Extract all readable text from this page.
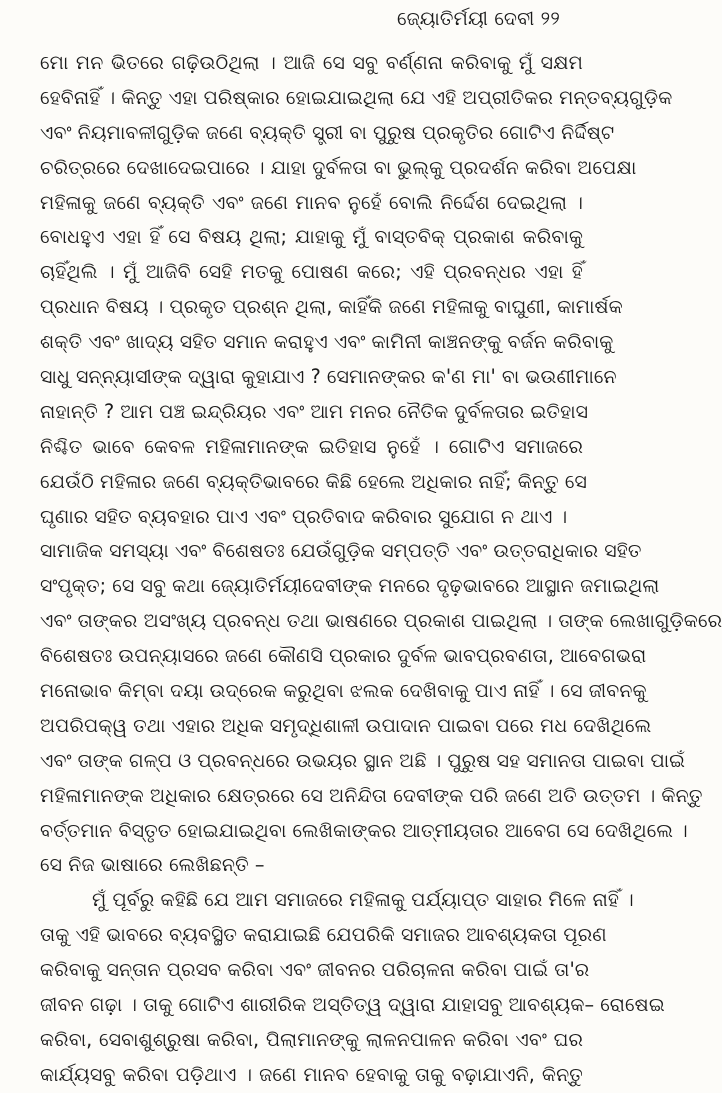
ଜ୍ୟୋତିର୍ମୟୀ ଦେବୀ ୨୨
ମୋ ମନ ଭିତରେ ଗଢ଼ିଉଠିଥିଲା । ଆଜି ସେ ସବୁ ବର୍ଣ୍ଣନା କରିବାକୁ ମୁଁ ସକ୍ଷମ
ହେବିନାହିଁ । କିନ୍ତୁ ଏହା ପରିଷ୍କାର ହୋଇଯାଇଥିଲା ଯେ ଏହି ଅପ୍ରୀତିକର ମନ୍ତବ୍ୟଗୁଡ଼ିକ
ଏବଂ ନିୟମାବଳୀଗୁଡ଼ିକ ଜଣେ ବ୍ୟକ୍ତି ସ୍ତ୍ରୀ ବା ପୁରୁଷ ପ୍ରକୃତିର ଗୋଟିଏ ନିର୍ଦ୍ଦିଷ୍ଟ
ଚରିତ୍ରରେ ଦେଖାଦେଇପାରେ । ଯାହା ଦୁର୍ବଳତା ବା ଭୁଲ୍‌କୁ ପ୍ରଦର୍ଶନ କରିବା ଅପେକ୍ଷା
ମହିଳାକୁ ଜଣେ ବ୍ୟକ୍ତି ଏବଂ ଜଣେ ମାନବ ନୁହେଁ ବୋଲି ନିର୍ଦ୍ଦେଶ ଦେଇଥିଲା ।
ବୋଧହୁଏ ଏହା ହିଁ ସେ ବିଷୟ ଥିଲା; ଯାହାକୁ ମୁଁ ବାସ୍ତବିକ୍ ପ୍ରକାଶ କରିବାକୁ
ଚାହିଁଥିଲି । ମୁଁ ଆଜିବି ସେହି ମତକୁ ପୋଷଣ କରେ; ଏହି ପ୍ରବନ୍ଧର ଏହା ହିଁ
ପ୍ରଧାନ ବିଷୟ । ପ୍ରକୃତ ପ୍ରଶ୍ନ ଥିଲା, କାହିଁକି ଜଣେ ମହିଳାକୁ ବାଘୁଣୀ, କାମାର୍ଷକ
ଶକ୍ତି ଏବଂ ଖାଦ୍ୟ ସହିତ ସମାନ କରାହୁଏ ଏବଂ କାମିନୀ କାଞ୍ଚନଙ୍କୁ ବର୍ଜନ କରିବାକୁ
ସାଧୁ ସନ୍ନ୍ୟାସୀଙ୍କ ଦ୍ୱାରା କୁହାଯାଏ ? ସେମାନଙ୍କର କ'ଣ ମା' ବା ଭଉଣୀମାନେ
ନାହାନ୍ତି ? ଆମ ପଞ୍ଚ ଇନ୍ଦ୍ରିୟର ଏବଂ ଆମ ମନର ନୈତିକ ଦୁର୍ବଳତାର ଇତିହାସ
ନିଶ୍ଚିତ ଭାବେ କେବଳ ମହିଳାମାନଙ୍କ ଇତିହାସ ନୁହେଁ । ଗୋଟିଏ ସମାଜରେ
ଯେଉଁଠି ମହିଳାର ଜଣେ ବ୍ୟକ୍ତିଭାବରେ କିଛି ହେଲେ ଅଧିକାର ନାହିଁ; କିନ୍ତୁ ସେ
ଘୃଣାର ସହିତ ବ୍ୟବହାର ପାଏ ଏବଂ ପ୍ରତିବାଦ କରିବାର ସୁଯୋଗ ନ ଥାଏ ।
ସାମାଜିକ ସମସ୍ୟା ଏବଂ ବିଶେଷତଃ ଯେଉଁଗୁଡ଼ିକ ସମ୍ପତ୍ତି ଏବଂ ଉତ୍ତରାଧିକାର ସହିତ
ସଂପୃକ୍ତ; ସେ ସବୁ କଥା ଜ୍ୟୋତିର୍ମୟୀଦେବୀଙ୍କ ମନରେ ଦୃଢ଼ଭାବରେ ଆସ୍ଥାନ ଜମାଇଥିଲା
ଏବଂ ତାଙ୍କର ଅସଂଖ୍ୟ ପ୍ରବନ୍ଧ ତଥା ଭାଷଣରେ ପ୍ରକାଶ ପାଇଥିଲା । ତାଙ୍କ ଲେଖାଗୁଡ଼ିକରେ
ବିଶେଷତଃ ଉପନ୍ୟାସରେ ଜଣେ କୌଣସି ପ୍ରକାର ଦୁର୍ବଳ ଭାବପ୍ରବଣତା, ଆବେଗଭରା
ମନୋଭାବ କିମ୍ବା ଦୟା ଉଦ୍ରେକ କରୁଥିବା ଝଲକ ଦେଖିବାକୁ ପାଏ ନାହିଁ । ସେ ଜୀବନକୁ
ଅପରିପକ୍ୱ ତଥା ଏହାର ଅଧିକ ସମୃଦ୍ଧିଶାଳୀ ଉପାଦାନ ପାଇବା ପରେ ମଧ ଦେଖିଥିଲେ
ଏବଂ ତାଙ୍କ ଗଳ୍ପ ଓ ପ୍ରବନ୍ଧରେ ଉଭୟର ସ୍ଥାନ ଅଛି । ପୁରୁଷ ସହ ସମାନତା ପାଇବା ପାଇଁ
ମହିଳାମାନଙ୍କ ଅଧିକାର କ୍ଷେତ୍ରରେ ସେ ଅନିନ୍ଦିତା ଦେବୀଙ୍କ ପରି ଜଣେ ଅତି ଉତ୍ତମ । କିନ୍ତୁ
ବର୍ତ୍ତମାନ ବିସ୍ତୃତ ହୋଇଯାଇଥିବା ଲେଖିକାଙ୍କର ଆତ୍ମୀୟତାର ଆବେଗ ସେ ଦେଖିଥିଲେ ।
ସେ ନିଜ ଭାଷାରେ ଲେଖିଛନ୍ତି –
ମୁଁ ପୂର୍ବରୁ କହିଛି ଯେ ଆମ ସମାଜରେ ମହିଳାକୁ ପର୍ଯ୍ୟାପ୍ତ ସାହାର ମିଳେ ନାହିଁ ।
ତାକୁ ଏହି ଭାବରେ ବ୍ୟବସ୍ଥିତ କରାଯାଇଛି ଯେପରିକି ସମାଜର ଆବଶ୍ୟକତା ପୂରଣ
କରିବାକୁ ସନ୍ତାନ ପ୍ରସବ କରିବା ଏବଂ ଜୀବନର ପରିଚାଳନା କରିବା ପାଇଁ ତା'ର
ଜୀବନ ଗଢ଼ା । ତାକୁ ଗୋଟିଏ ଶାରୀରିକ ଅସ୍ତିତ୍ୱ ଦ୍ୱାରା ଯାହାସବୁ ଆବଶ୍ୟକ– ରୋଷେଇ
କରିବା, ସେବାଶୁଶ୍ରୁଷା କରିବା, ପିଲାମାନଙ୍କୁ ଲାଳନପାଳନ କରିବା ଏବଂ ଘର
କାର୍ଯ୍ୟସବୁ କରିବା ପଡ଼ିଥାଏ । ଜଣେ ମାନବ ହେବାକୁ ତାକୁ ବଢ଼ାଯାଏନି, କିନ୍ତୁ
